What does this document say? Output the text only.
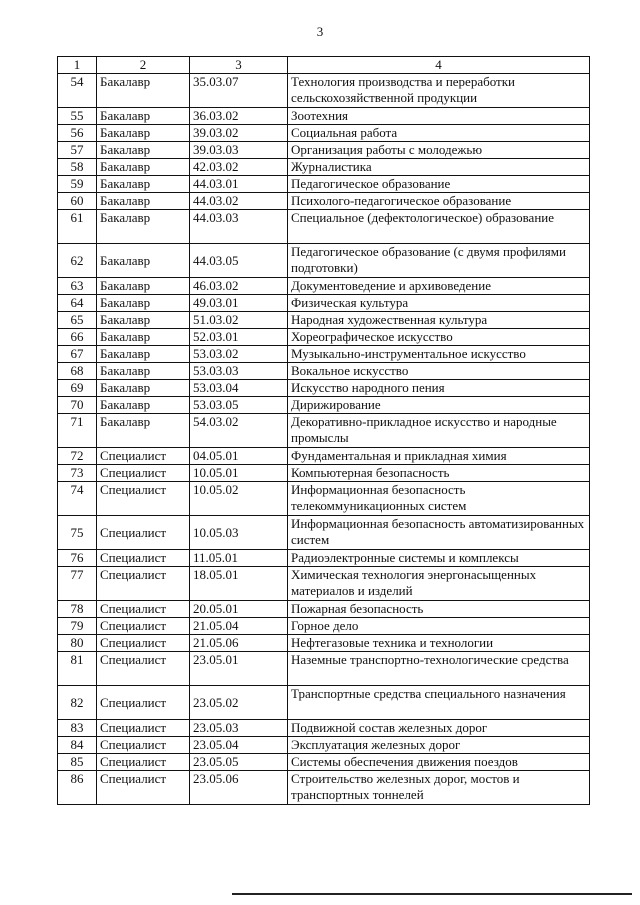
3
1	2	3	4
54	Бакалавр	35.03.07	Технология производства и переработки сельскохозяйственной продукции
55	Бакалавр	36.03.02	Зоотехния
56	Бакалавр	39.03.02	Социальная работа
57	Бакалавр	39.03.03	Организация работы с молодежью
58	Бакалавр	42.03.02	Журналистика
59	Бакалавр	44.03.01	Педагогическое образование
60	Бакалавр	44.03.02	Психолого-педагогическое образование
61	Бакалавр	44.03.03	Специальное (дефектологическое) образование
62	Бакалавр	44.03.05	Педагогическое образование (с двумя профилями подготовки)
63	Бакалавр	46.03.02	Документоведение и архивоведение
64	Бакалавр	49.03.01	Физическая культура
65	Бакалавр	51.03.02	Народная художественная культура
66	Бакалавр	52.03.01	Хореографическое искусство
67	Бакалавр	53.03.02	Музыкально-инструментальное искусство
68	Бакалавр	53.03.03	Вокальное искусство
69	Бакалавр	53.03.04	Искусство народного пения
70	Бакалавр	53.03.05	Дирижирование
71	Бакалавр	54.03.02	Декоративно-прикладное искусство и народные промыслы
72	Специалист	04.05.01	Фундаментальная и прикладная химия
73	Специалист	10.05.01	Компьютерная безопасность
74	Специалист	10.05.02	Информационная безопасность телекоммуникационных систем
75	Специалист	10.05.03	Информационная безопасность автоматизированных систем
76	Специалист	11.05.01	Радиоэлектронные системы и комплексы
77	Специалист	18.05.01	Химическая технология энергонасыщенных материалов и изделий
78	Специалист	20.05.01	Пожарная безопасность
79	Специалист	21.05.04	Горное дело
80	Специалист	21.05.06	Нефтегазовые техника и технологии
81	Специалист	23.05.01	Наземные транспортно-технологические средства
82	Специалист	23.05.02	Транспортные средства специального назначения
83	Специалист	23.05.03	Подвижной состав железных дорог
84	Специалист	23.05.04	Эксплуатация железных дорог
85	Специалист	23.05.05	Системы обеспечения движения поездов
86	Специалист	23.05.06	Строительство железных дорог, мостов и транспортных тоннелей
